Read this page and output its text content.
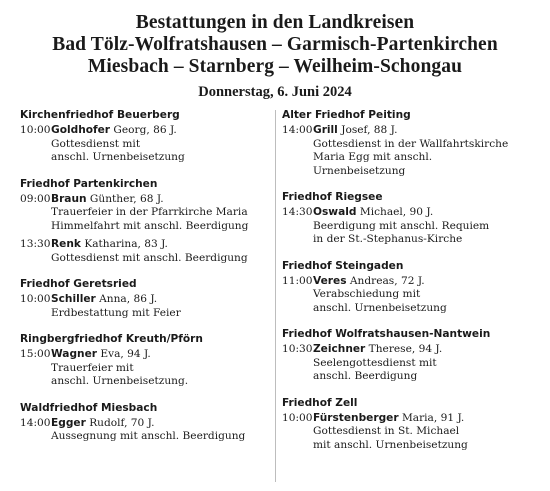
Bestattungen in den Landkreisen
Bad Tölz-Wolfratshausen – Garmisch-Partenkirchen
Miesbach – Starnberg – Weilheim-Schongau
Donnerstag, 6. Juni 2024
Kirchenfriedhof Beuerberg
10:00 Goldhofer Georg, 86 J.
Gottesdienst mit
anschl. Urnenbeisetzung
Friedhof Partenkirchen
09:00 Braun Günther, 68 J.
Trauerfeier in der Pfarrkirche Maria
Himmelfahrt mit anschl. Beerdigung
13:30 Renk Katharina, 83 J.
Gottesdienst mit anschl. Beerdigung
Friedhof Geretsried
10:00 Schiller Anna, 86 J.
Erdbestattung mit Feier
Ringbergfriedhof Kreuth/Pförn
15:00 Wagner Eva, 94 J.
Trauerfeier mit
anschl. Urnenbeisetzung.
Waldfriedhof Miesbach
14:00 Egger Rudolf, 70 J.
Aussegnung mit anschl. Beerdigung
Alter Friedhof Peiting
14:00 Grill Josef, 88 J.
Gottesdienst in der Wallfahrtskirche
Maria Egg mit anschl.
Urnenbeisetzung
Friedhof Riegsee
14:30 Oswald Michael, 90 J.
Beerdigung mit anschl. Requiem
in der St.-Stephanus-Kirche
Friedhof Steingaden
11:00 Veres Andreas, 72 J.
Verabschiedung mit
anschl. Urnenbeisetzung
Friedhof Wolfratshausen-Nantwein
10:30 Zeichner Therese, 94 J.
Seelengottesdienst mit
anschl. Beerdigung
Friedhof Zell
10:00 Fürstenberger Maria, 91 J.
Gottesdienst in St. Michael
mit anschl. Urnenbeisetzung
